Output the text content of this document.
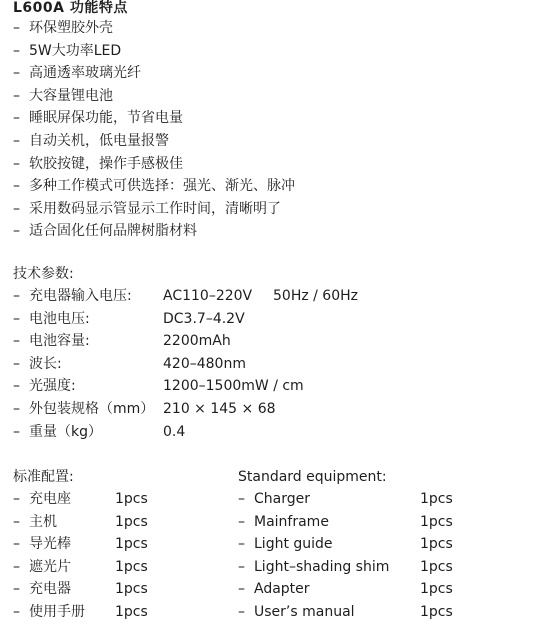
L600A 功能特点
– 环保塑胶外壳
– 5W大功率LED
– 高通透率玻璃光纤
– 大容量锂电池
– 睡眠屏保功能，节省电量
– 自动关机，低电量报警
– 软胶按键，操作手感极佳
– 多种工作模式可供选择：强光、渐光、脉冲
– 采用数码显示管显示工作时间，清晰明了
– 适合固化任何品牌树脂材料
技术参数:
– 充电器输入电压: AC110–220V	50Hz / 60Hz
– 电池电压:	DC3.7–4.2V
– 电池容量:	2200mAh
– 波长:	420–480nm
– 光强度:	1200–1500mW / cm
– 外包装规格（mm） 210 × 145 × 68
– 重量（kg）	0.4
标准配置:
– 充电座	1pcs
– 主机	1pcs
– 导光棒	1pcs
– 遮光片	1pcs
– 充电器	1pcs
– 使用手册 1pcs
Standard equipment:
– Charger	1pcs
– Mainframe	1pcs
– Light guide	1pcs
– Light–shading shim 1pcs
– Adapter	1pcs
– User’s manual	1pcs
